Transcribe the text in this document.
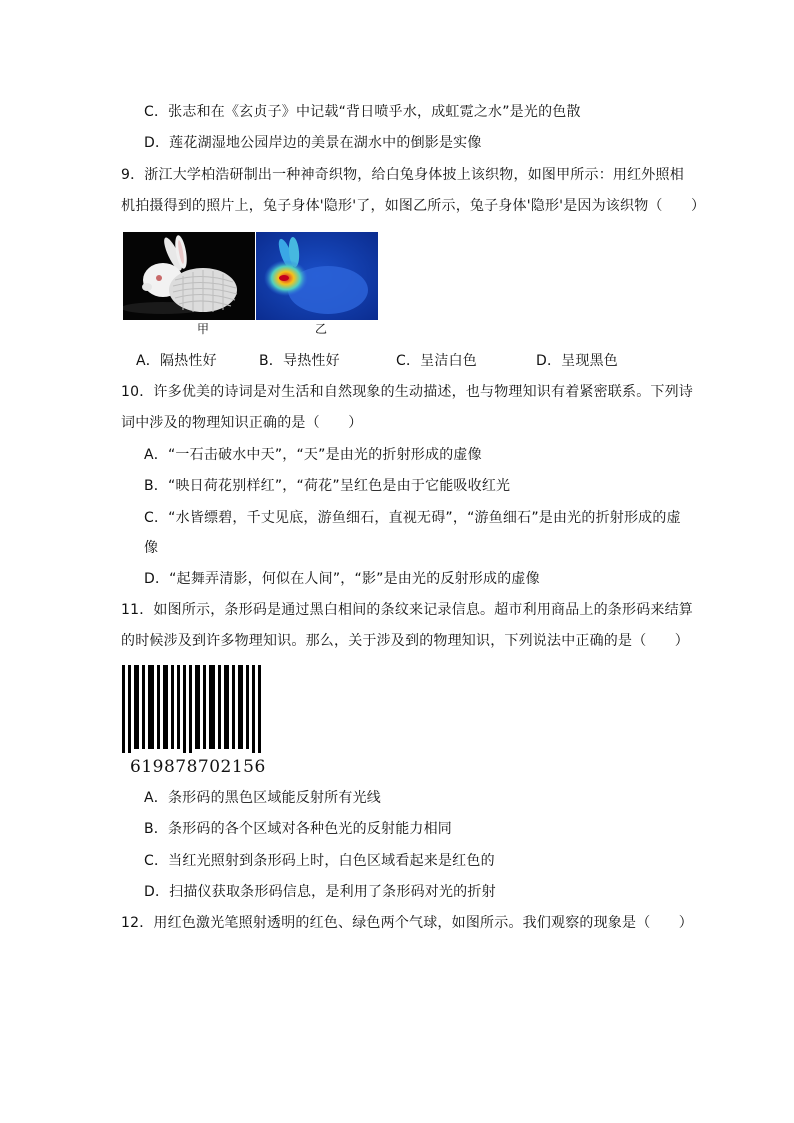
C．张志和在《玄贞子》中记载“背日喷乎水，成虹霓之水”是光的色散
D．莲花湖湿地公园岸边的美景在湖水中的倒影是实像
9．浙江大学柏浩研制出一种神奇织物，给白兔身体披上该织物，如图甲所示：用红外照相
机拍摄得到的照片上，兔子身体'隐形'了，如图乙所示，兔子身体'隐形'是因为该织物（　　）
甲	乙
A．隔热性好	B．导热性好	C．呈洁白色	D．呈现黑色
10．许多优美的诗词是对生活和自然现象的生动描述，也与物理知识有着紧密联系。下列诗
词中涉及的物理知识正确的是（　　）
A．“一石击破水中天”，“天”是由光的折射形成的虚像
B．“映日荷花别样红”，“荷花”呈红色是由于它能吸收红光
C．“水皆缥碧，千丈见底，游鱼细石，直视无碍”，“游鱼细石”是由光的折射形成的虚
像
D．“起舞弄清影，何似在人间”，“影”是由光的反射形成的虚像
11．如图所示，条形码是通过黑白相间的条纹来记录信息。超市利用商品上的条形码来结算
的时候涉及到许多物理知识。那么，关于涉及到的物理知识，下列说法中正确的是（　　）
619878702156
A．条形码的黑色区域能反射所有光线
B．条形码的各个区域对各种色光的反射能力相同
C．当红光照射到条形码上时，白色区域看起来是红色的
D．扫描仪获取条形码信息，是利用了条形码对光的折射
12．用红色激光笔照射透明的红色、绿色两个气球，如图所示。我们观察的现象是（　　）
